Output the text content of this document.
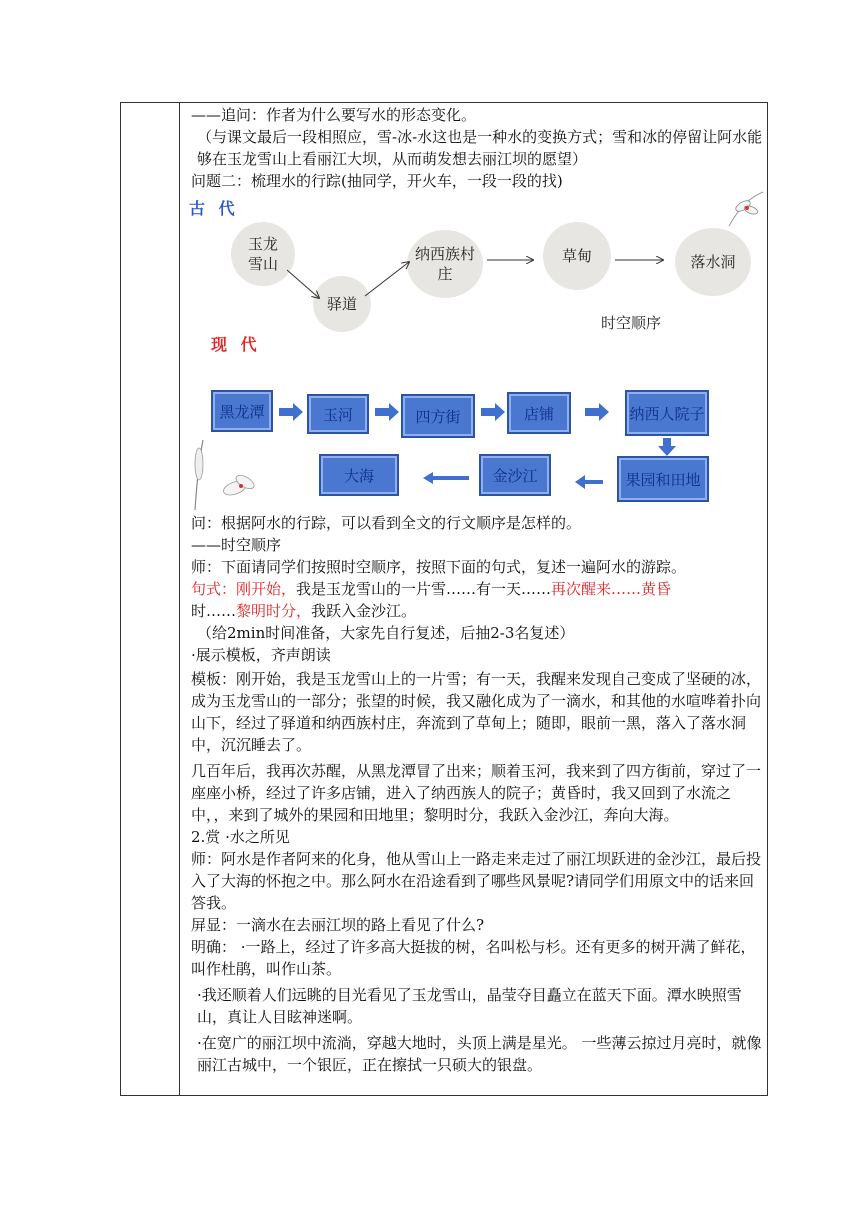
——追问：作者为什么要写水的形态变化。

（与课文最后一段相照应，雪-冰-水这也是一种水的变换方式；雪和冰的停留让阿水能够在玉龙雪山上看丽江大坝，从而萌发想去丽江坝的愿望）

问题二：梳理水的行踪(抽同学，开火车，一段一段的找)

古 代
玉龙雪山
驿道
纳西族村庄
草甸	落水洞
时空顺序
现 代
黑龙潭	玉河	四方街	店铺	纳西人院子
果园和田地
金沙江
大海

问：根据阿水的行踪，可以看到全文的行文顺序是怎样的。

——时空顺序

师：下面请同学们按照时空顺序，按照下面的句式，复述一遍阿水的游踪。

句式：刚开始，我是玉龙雪山的一片雪……有一天……再次醒来……黄昏
时……黎明时分，我跃入金沙江。

（给2min时间准备，大家先自行复述，后抽2-3名复述）

·展示模板，齐声朗读

模板：刚开始，我是玉龙雪山上的一片雪；有一天，我醒来发现自己变成了坚硬的冰，成为玉龙雪山的一部分；张望的时候，我又融化成为了一滴水，和其他的水喧哗着扑向山下，经过了驿道和纳西族村庄，奔流到了草甸上；随即，眼前一黑，落入了落水洞中，沉沉睡去了。

几百年后，我再次苏醒，从黑龙潭冒了出来；顺着玉河，我来到了四方街前，穿过了一座座小桥，经过了许多店铺，进入了纳西族人的院子；黄昏时，我又回到了水流之中，，来到了城外的果园和田地里；黎明时分，我跃入金沙江，奔向大海。

2.赏 ·水之所见

师：阿水是作者阿来的化身，他从雪山上一路走来走过了丽江坝跃进的金沙江，最后投入了大海的怀抱之中。那么阿水在沿途看到了哪些风景呢?请同学们用原文中的话来回答我。

屏显：一滴水在去丽江坝的路上看见了什么?

明确： ·一路上，经过了许多高大挺拔的树，名叫松与杉。还有更多的树开满了鲜花，叫作杜鹃，叫作山茶。

·我还顺着人们远眺的目光看见了玉龙雪山，晶莹夺目矗立在蓝天下面。潭水映照雪山，真让人目眩神迷啊。

·在宽广的丽江坝中流淌，穿越大地时，头顶上满是星光。 一些薄云掠过月亮时，就像丽江古城中，一个银匠，正在擦拭一只硕大的银盘。
